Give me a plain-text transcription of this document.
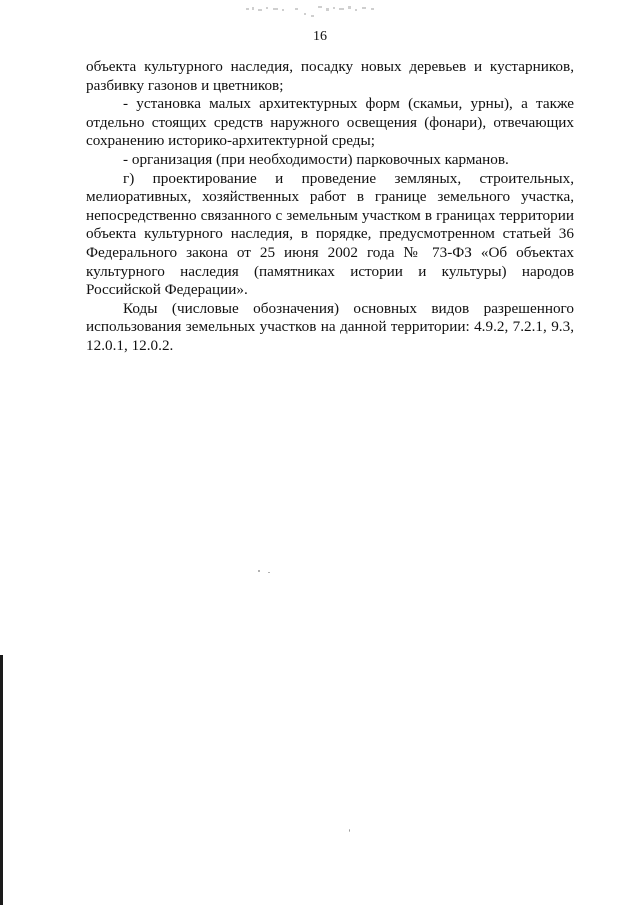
16

объекта культурного наследия, посадку новых деревьев и кустарников, разбивку газонов и цветников;

- установка малых архитектурных форм (скамьи, урны), а также отдельно стоящих средств наружного освещения (фонари), отвечающих сохранению историко-архитектурной среды;

- организация (при необходимости) парковочных карманов.

г) проектирование и проведение земляных, строительных, мелиоративных, хозяйственных работ в границе земельного участка, непосредственно связанного с земельным участком в границах территории объекта культурного наследия, в порядке, предусмотренном статьей 36 Федерального закона от 25 июня 2002 года № 73-ФЗ «Об объектах культурного наследия (памятниках истории и культуры) народов Российской Федерации».

Коды (числовые обозначения) основных видов разрешенного использования земельных участков на данной территории: 4.9.2, 7.2.1, 9.3, 12.0.1, 12.0.2.
